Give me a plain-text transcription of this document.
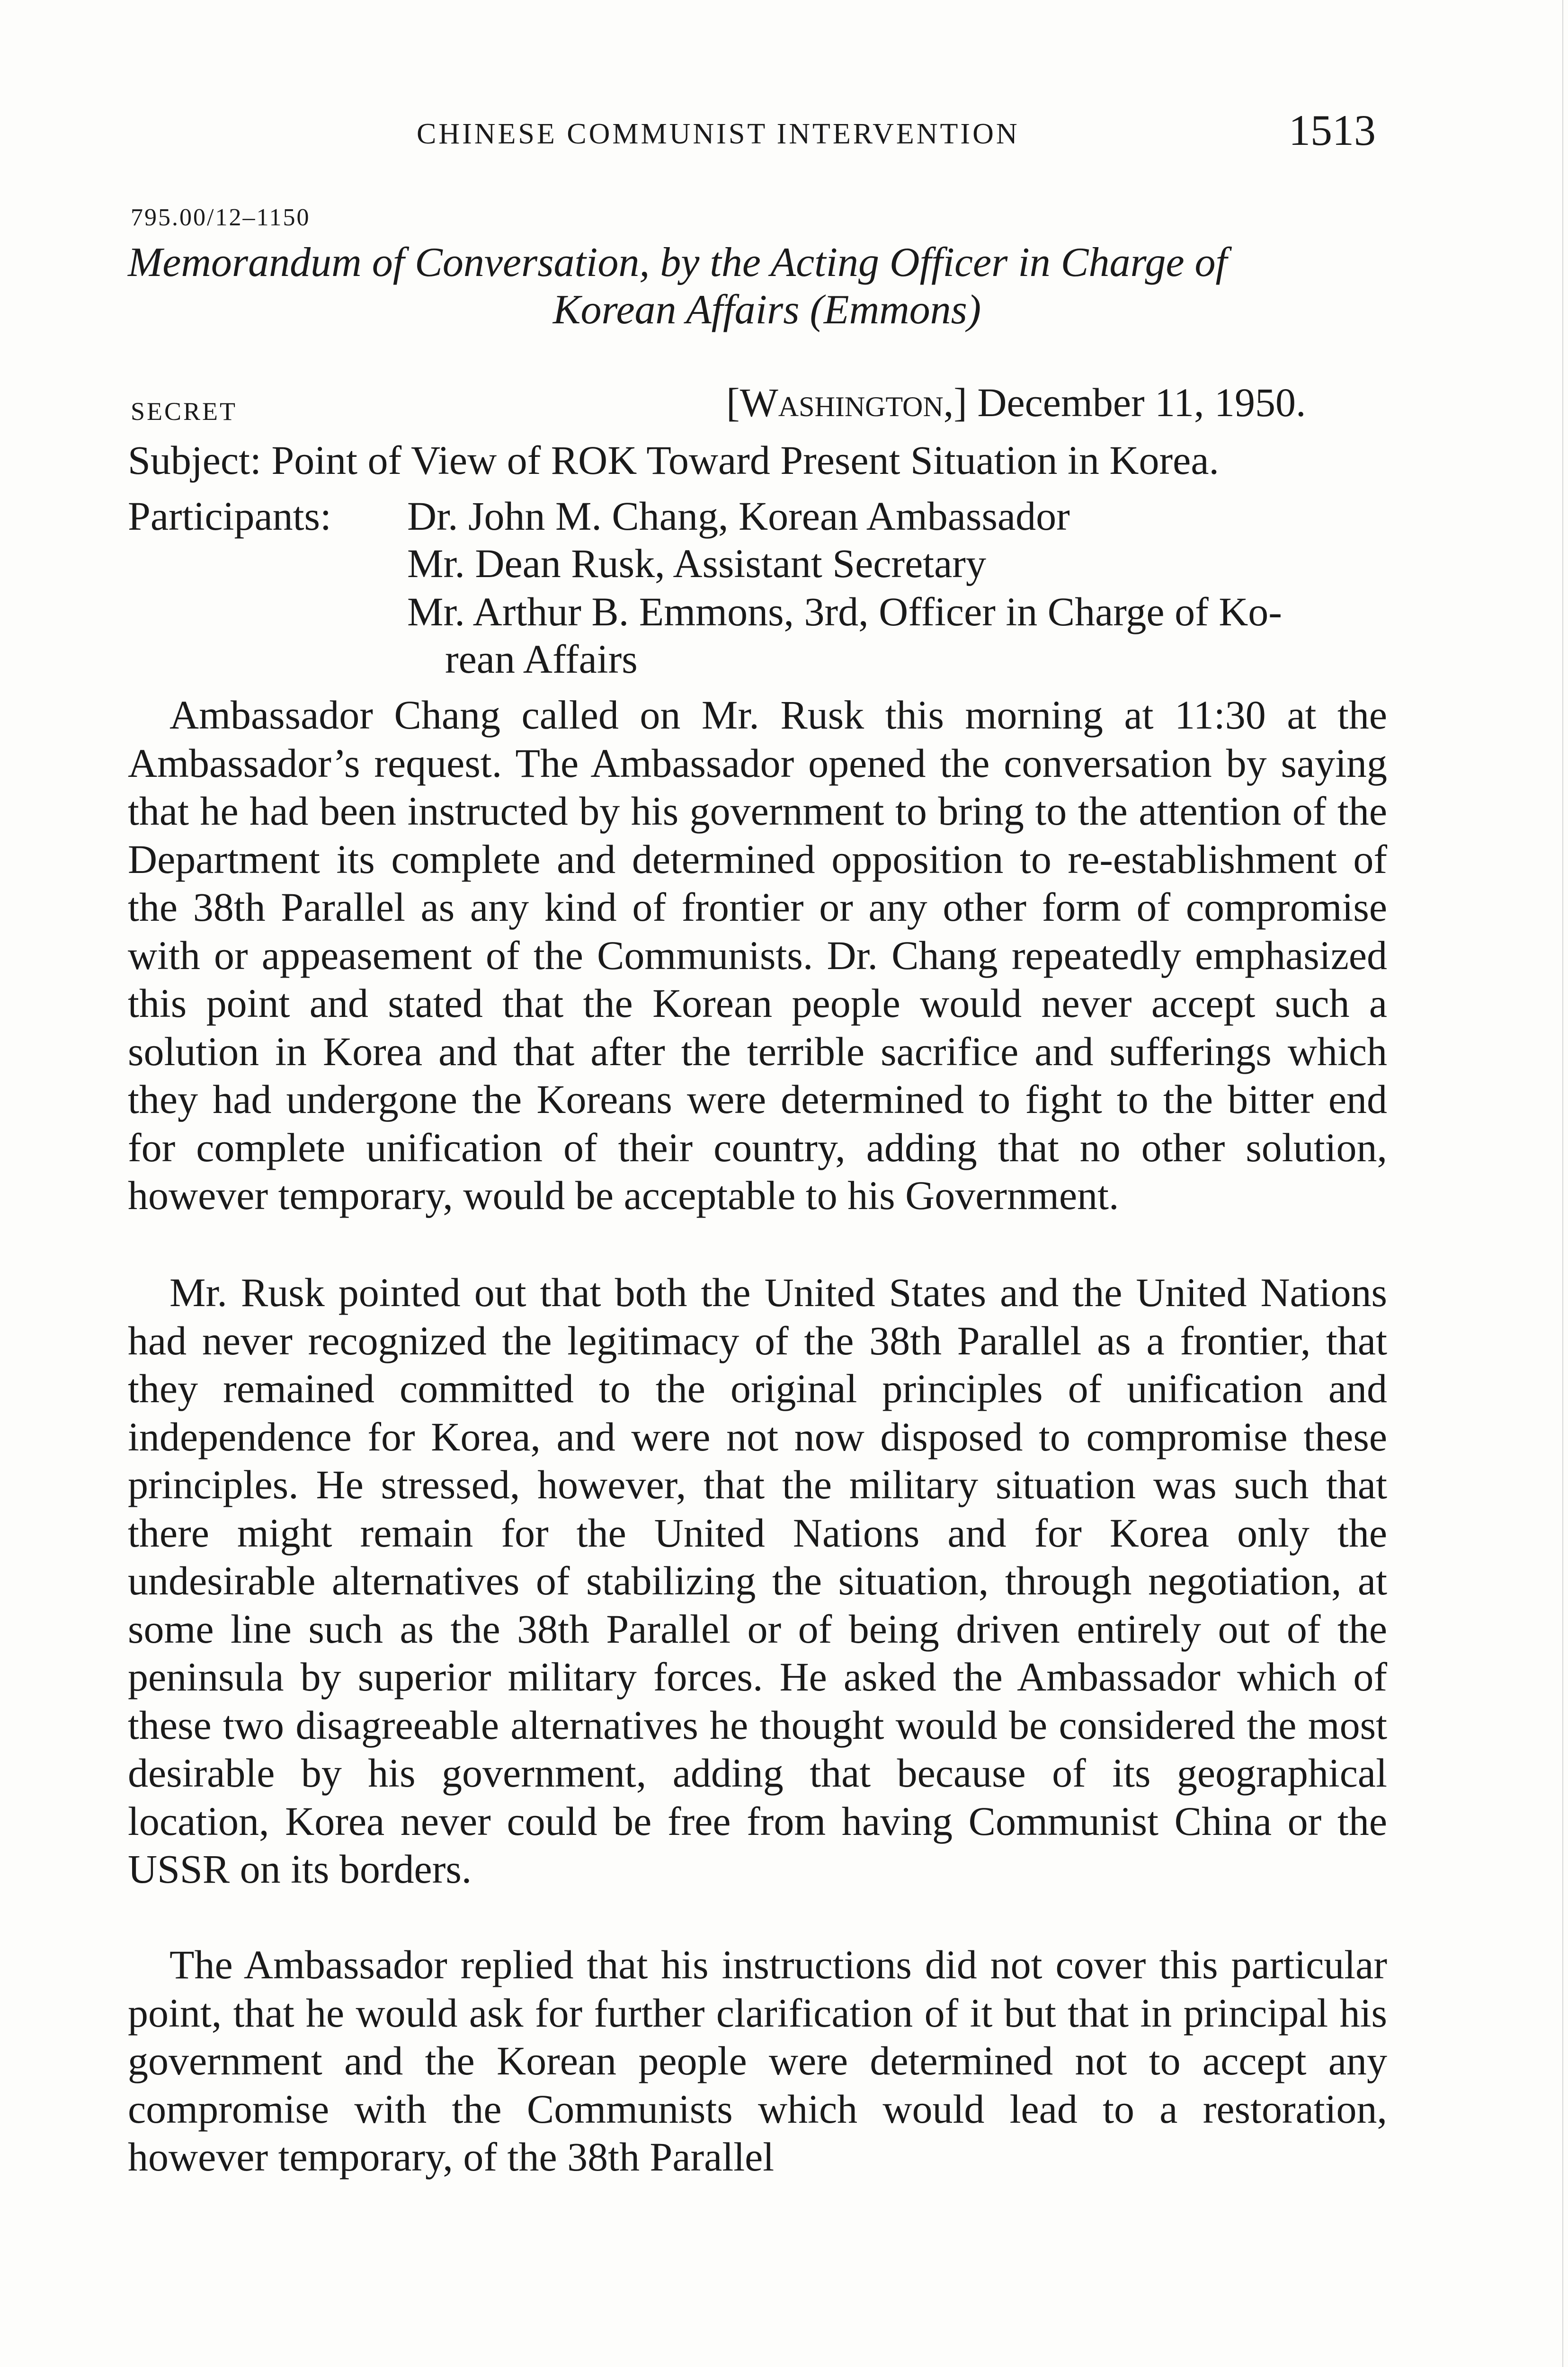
CHINESE COMMUNIST INTERVENTION	1513
795.00/12–1150
Memorandum of Conversation, by the Acting Officer in Charge of
Korean Affairs (Emmons)
SECRET	[Washington,] December 11, 1950.
Subject: Point of View of ROK Toward Present Situation in Korea.
Participants: Dr. John M. Chang, Korean Ambassador
Mr. Dean Rusk, Assistant Secretary
Mr. Arthur B. Emmons, 3rd, Officer in Charge of Ko-
rean Affairs

Ambassador Chang called on Mr. Rusk this morning at 11:30 at the Ambassador’s request. The Ambassador opened the conversation by saying that he had been instructed by his government to bring to the attention of the Department its complete and determined opposition to re-establishment of the 38th Parallel as any kind of frontier or any other form of compromise with or appeasement of the Communists. Dr. Chang repeatedly emphasized this point and stated that the Korean people would never accept such a solution in Korea and that after the terrible sacrifice and sufferings which they had undergone the Koreans were determined to fight to the bitter end for complete unification of their country, adding that no other solution, however temporary, would be acceptable to his Government.

Mr. Rusk pointed out that both the United States and the United Nations had never recognized the legitimacy of the 38th Parallel as a frontier, that they remained committed to the original principles of unification and independence for Korea, and were not now disposed to compromise these principles. He stressed, however, that the military situation was such that there might remain for the United Nations and for Korea only the undesirable alternatives of stabilizing the situation, through negotiation, at some line such as the 38th Parallel or of being driven entirely out of the peninsula by superior military forces. He asked the Ambassador which of these two disagreeable alternatives he thought would be considered the most desirable by his government, adding that because of its geographical location, Korea never could be free from having Communist China or the USSR on its borders.

The Ambassador replied that his instructions did not cover this particular point, that he would ask for further clarification of it but that in principal his government and the Korean people were determined not to accept any compromise with the Communists which would lead to a restoration, however temporary, of the 38th Parallel
